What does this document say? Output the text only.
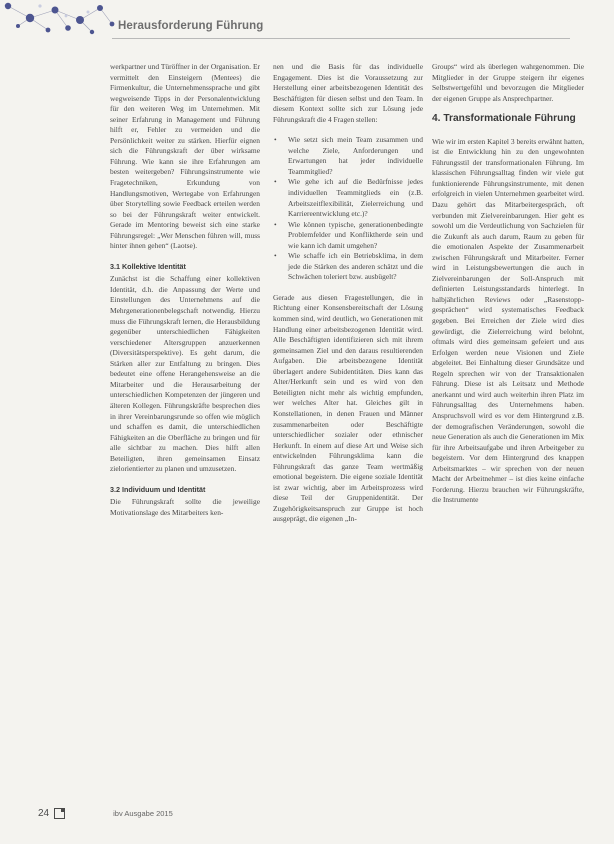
Herausforderung Führung

werkpartner und Türöffner in der Organisation. Er vermittelt den Einsteigern (Mentees) die Firmenkultur, die Unternehmenssprache und gibt wegweisende Tipps in der Personalentwicklung für den weiteren Weg im Unternehmen. Mit seiner Erfahrung in Management und Führung hilft er, Fehler zu vermeiden und die Persönlichkeit weiter zu stärken. Hierfür eignen sich die Führungskraft der über wirksame Führung. Wie kann sie ihre Erfahrungen am besten weitergeben? Führungsinstrumente wie Fragetechniken, Erkundung von Handlungsmotiven, Wertegabe von Erfahrungen über Storytelling sowie Feedback erteilen werden so bei der Führungskraft weiter entwickelt. Gerade im Mentoring beweist sich eine starke Führungsregel: „Wer Menschen führen will, muss hinter ihnen gehen“ (Laotse).

3.1 Kollektive Identität

Zunächst ist die Schaffung einer kollektiven Identität, d.h. die Anpassung der Werte und Einstellungen des Unternehmens auf die Mehrgenerationenbelegschaft notwendig. Hierzu muss die Führungskraft lernen, die Herausbildung gegenüber unterschiedlichen Fähigkeiten verschiedener Altersgruppen anzuerkennen (Diversitätsperspektive). Es geht darum, die Stärken aller zur Entfaltung zu bringen. Dies bedeutet eine offene Herangehensweise an die Mitarbeiter und die Herausarbeitung der unterschiedlichen Kompetenzen der jüngeren und älteren Kollegen. Führungskräfte besprechen dies in ihrer Vereinbarungsrunde so offen wie möglich und schaffen es damit, die unterschiedlichen Fähigkeiten an die Oberfläche zu bringen und für alle sichtbar zu machen. Dies hilft allen Beteiligten, ihren gemeinsamen Einsatz zielorientierter zu planen und umzusetzen.

3.2 Individuum und Identität

Die Führungskraft sollte die jeweilige Motivationslage des Mitarbeiters ken-

nen und die Basis für das individuelle Engagement. Dies ist die Voraussetzung zur Herstellung einer arbeitsbezogenen Identität des Beschäftigten für diesen selbst und den Team. In diesem Kontext sollte sich zur Lösung jede Führungskraft die 4 Fragen stellen:

• Wie setzt sich mein Team zusammen und welche Ziele, Anforderungen und Erwartungen hat jeder individuelle Teammitglied?
• Wie gehe ich auf die Bedürfnisse jedes individuellen Teammitglieds ein (z.B. Arbeitszeitflexibilität, Zielerreichung und Karriereentwicklung etc.)?
• Wie können typische, generationenbedingte Problemfelder und Konfliktherde sein und wie kann ich damit umgehen?
• Wie schaffe ich ein Betriebsklima, in dem jede die Stärken des anderen schätzt und die Schwächen toleriert bzw. ausbügelt?

Gerade aus diesen Fragestellungen, die in Richtung einer Konsensbereitschaft der Lösung kommen sind, wird deutlich, wo Generationen mit Handlung einer arbeitsbezogenen Identität wird. Alle Beschäftigten identifizieren sich mit ihrem gemeinsamen Ziel und den daraus resultierenden Aufgaben. Die arbeitsbezogene Identität überlagert andere Subidentitäten. Dies kann das Alter/Herkunft sein und es wird von den Beteiligten nicht mehr als wichtig empfunden, wer welches Alter hat. Gleiches gilt in Konstellationen, in denen Frauen und Männer zusammenarbeiten oder Beschäftigte unterschiedlicher sozialer oder ethnischer Herkunft. In einem auf diese Art und Weise sich entwickelnden Führungsklima kann die Führungskraft das ganze Team wertmäßig emotional begeistern. Die eigene soziale Identität ist zwar wichtig, aber im Arbeitsprozess wird diese Teil der Gruppenidentität. Der Zugehörigkeitsanspruch zur Gruppe ist hoch ausgeprägt, die eigenen „In-

Groups“ wird als überlegen wahrgenommen. Die Mitglieder in der Gruppe steigern ihr eigenes Selbstwertgefühl und bevorzugen die Mitglieder der eigenen Gruppe als Ansprechpartner.

4. Transformationale Führung

Wie wir im ersten Kapitel 3 bereits erwähnt hatten, ist die Entwicklung hin zu den ungewohnten Führungsstil der transformationalen Führung. Im klassischen Führungsalltag finden wir viele gut funktionierende Führungsinstrumente, mit denen erfolgreich in vielen Unternehmen gearbeitet wird. Dazu gehört das Mitarbeitergespräch, oft verbunden mit Zielvereinbarungen. Hier geht es sowohl um die Verdeutlichung von Sachzielen für die Zukunft als auch darum, Raum zu geben für die emotionalen Aspekte der Zusammenarbeit zwischen Führungskraft und Mitarbeiter. Ferner wird in Leistungsbewertungen die auch in Zielvereinbarungen der Soll-Anspruch mit definierten Leistungsstandards hinterlegt. In halbjährlichen Reviews oder „Rasenstopp-gesprächen“ wird systematisches Feedback gegeben. Bei Erreichen der Ziele wird dies gewürdigt, die Zielerreichung wird belohnt, oftmals wird dies gemeinsam gefeiert und aus Erfolgen werden neue Visionen und Ziele abgeleitet. Bei Einhaltung dieser Grundsätze und Regeln sprechen wir von der Transaktionalen Führung. Diese ist als Leitsatz und Methode anerkannt und wird auch weiterhin ihren Platz im Führungsalltag des Unternehmens haben. Anspruchsvoll wird es vor dem Hintergrund z.B. der demografischen Veränderungen, sowohl die neue Generation als auch die Generationen im Mix für ihre Arbeitsaufgabe und ihren Arbeitgeber zu begeistern. Vor dem Hintergrund des knappen Arbeitsmarktes – wir sprechen von der neuen Macht der Arbeitnehmer – ist dies keine einfache Forderung. Hierzu brauchen wir Führungskräfte, die Instrumente

24	ibv Ausgabe 2015
